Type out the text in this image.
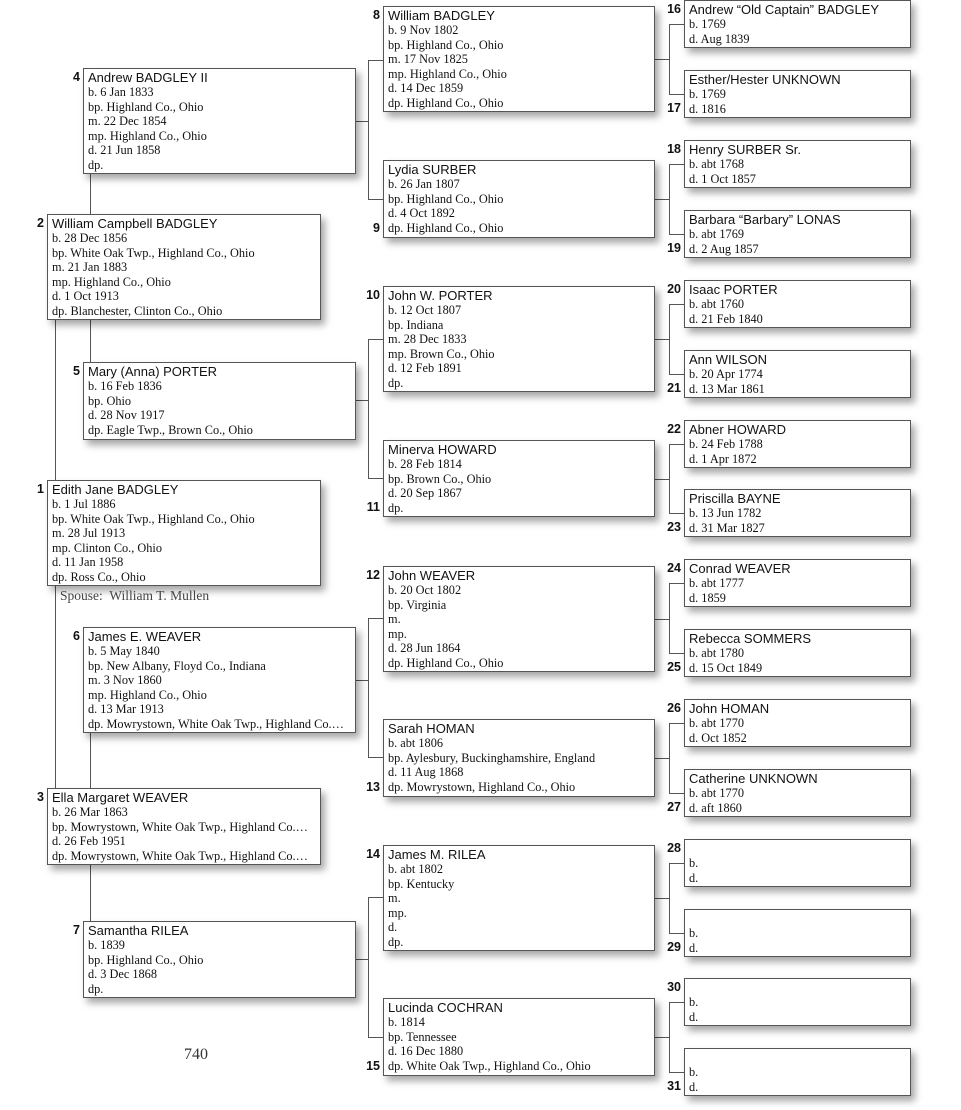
Edith Jane BADGLEY
b. 1 Jul 1886
bp. White Oak Twp., Highland Co., Ohio
m. 28 Jul 1913
mp. Clinton Co., Ohio
d. 11 Jan 1958
dp. Ross Co., Ohio
1
William Campbell BADGLEY
b. 28 Dec 1856
bp. White Oak Twp., Highland Co., Ohio
m. 21 Jan 1883
mp. Highland Co., Ohio
d. 1 Oct 1913
dp. Blanchester, Clinton Co., Ohio
2
Ella Margaret WEAVER
b. 26 Mar 1863
bp. Mowrystown, White Oak Twp., Highland Co.…
d. 26 Feb 1951
dp. Mowrystown, White Oak Twp., Highland Co.…
3
Andrew BADGLEY II
b. 6 Jan 1833
bp. Highland Co., Ohio
m. 22 Dec 1854
mp. Highland Co., Ohio
d. 21 Jun 1858
dp.
4
Mary (Anna) PORTER
b. 16 Feb 1836
bp. Ohio
d. 28 Nov 1917
dp. Eagle Twp., Brown Co., Ohio
5
James E. WEAVER
b. 5 May 1840
bp. New Albany, Floyd Co., Indiana
m. 3 Nov 1860
mp. Highland Co., Ohio
d. 13 Mar 1913
dp. Mowrystown, White Oak Twp., Highland Co.…
6
Samantha RILEA
b. 1839
bp. Highland Co., Ohio
d. 3 Dec 1868
dp.
7
William BADGLEY
b. 9 Nov 1802
bp. Highland Co., Ohio
m. 17 Nov 1825
mp. Highland Co., Ohio
d. 14 Dec 1859
dp. Highland Co., Ohio
8
Lydia SURBER
b. 26 Jan 1807
bp. Highland Co., Ohio
d. 4 Oct 1892
dp. Highland Co., Ohio
9
John W. PORTER
b. 12 Oct 1807
bp. Indiana
m. 28 Dec 1833
mp. Brown Co., Ohio
d. 12 Feb 1891
dp.
10
Minerva HOWARD
b. 28 Feb 1814
bp. Brown Co., Ohio
d. 20 Sep 1867
dp.
11
John WEAVER
b. 20 Oct 1802
bp. Virginia
m.
mp.
d. 28 Jun 1864
dp. Highland Co., Ohio
12
Sarah HOMAN
b. abt 1806
bp. Aylesbury, Buckinghamshire, England
d. 11 Aug 1868
dp. Mowrystown, Highland Co., Ohio
13
James M. RILEA
b. abt 1802
bp. Kentucky
m.
mp.
d.
dp.
14
Lucinda COCHRAN
b. 1814
bp. Tennessee
d. 16 Dec 1880
dp. White Oak Twp., Highland Co., Ohio
15
Andrew “Old Captain” BADGLEY
b. 1769
d. Aug 1839
16
Esther/Hester UNKNOWN
b. 1769
d. 1816
17
Henry SURBER Sr.
b. abt 1768
d. 1 Oct 1857
18
Barbara “Barbary” LONAS
b. abt 1769
d. 2 Aug 1857
19
Isaac PORTER
b. abt 1760
d. 21 Feb 1840
20
Ann WILSON
b. 20 Apr 1774
d. 13 Mar 1861
21
Abner HOWARD
b. 24 Feb 1788
d. 1 Apr 1872
22
Priscilla BAYNE
b. 13 Jun 1782
d. 31 Mar 1827
23
Conrad WEAVER
b. abt 1777
d. 1859
24
Rebecca SOMMERS
b. abt 1780
d. 15 Oct 1849
25
John HOMAN
b. abt 1770
d. Oct 1852
26
Catherine UNKNOWN
b. abt 1770
d. aft 1860
27

b.
d.
28

b.
d.
29

b.
d.
30

b.
d.
31
Spouse:  William T. Mullen
740
